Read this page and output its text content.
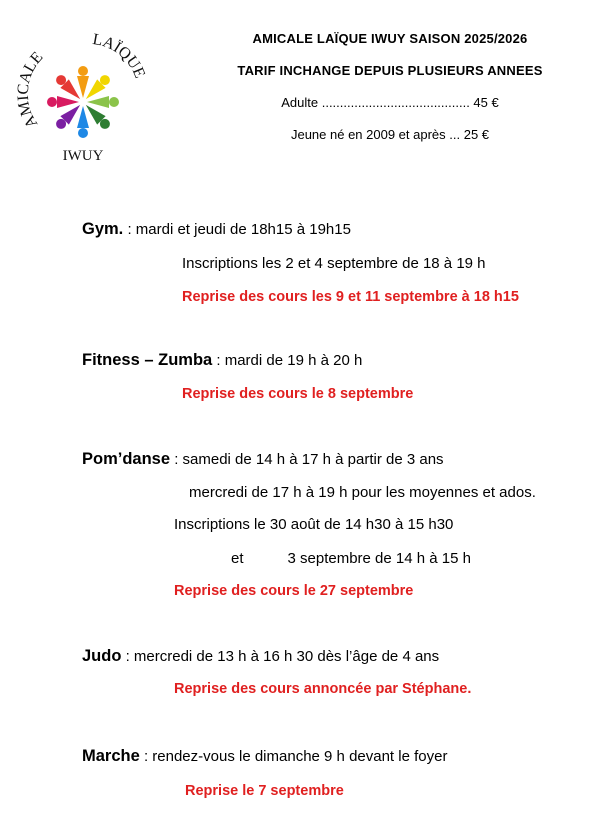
AMICALE
LAÏQUE
IWUY
AMICALE LAÏQUE IWUY SAISON 2025/2026
TARIF INCHANGE DEPUIS PLUSIEURS ANNEES
Adulte ......................................... 45 €
Jeune né en 2009 et après ... 25 €
Gym. : mardi et jeudi de 18h15 à 19h15
Inscriptions les 2 et 4 septembre de 18 à 19 h
Reprise des cours les 9 et 11 septembre à 18 h15
Fitness – Zumba : mardi de 19 h à 20 h
Reprise des cours le 8 septembre
Pom’danse : samedi de 14 h à 17 h à partir de 3 ans
mercredi de 17 h à 19 h pour les moyennes et ados.
Inscriptions le 30 août de 14 h30 à 15 h30
et	3 septembre de 14 h à 15 h
Reprise des cours le 27 septembre
Judo : mercredi de 13 h à 16 h 30 dès l’âge de 4 ans
Reprise des cours annoncée par Stéphane.
Marche : rendez-vous le dimanche 9 h devant le foyer
Reprise le 7 septembre
